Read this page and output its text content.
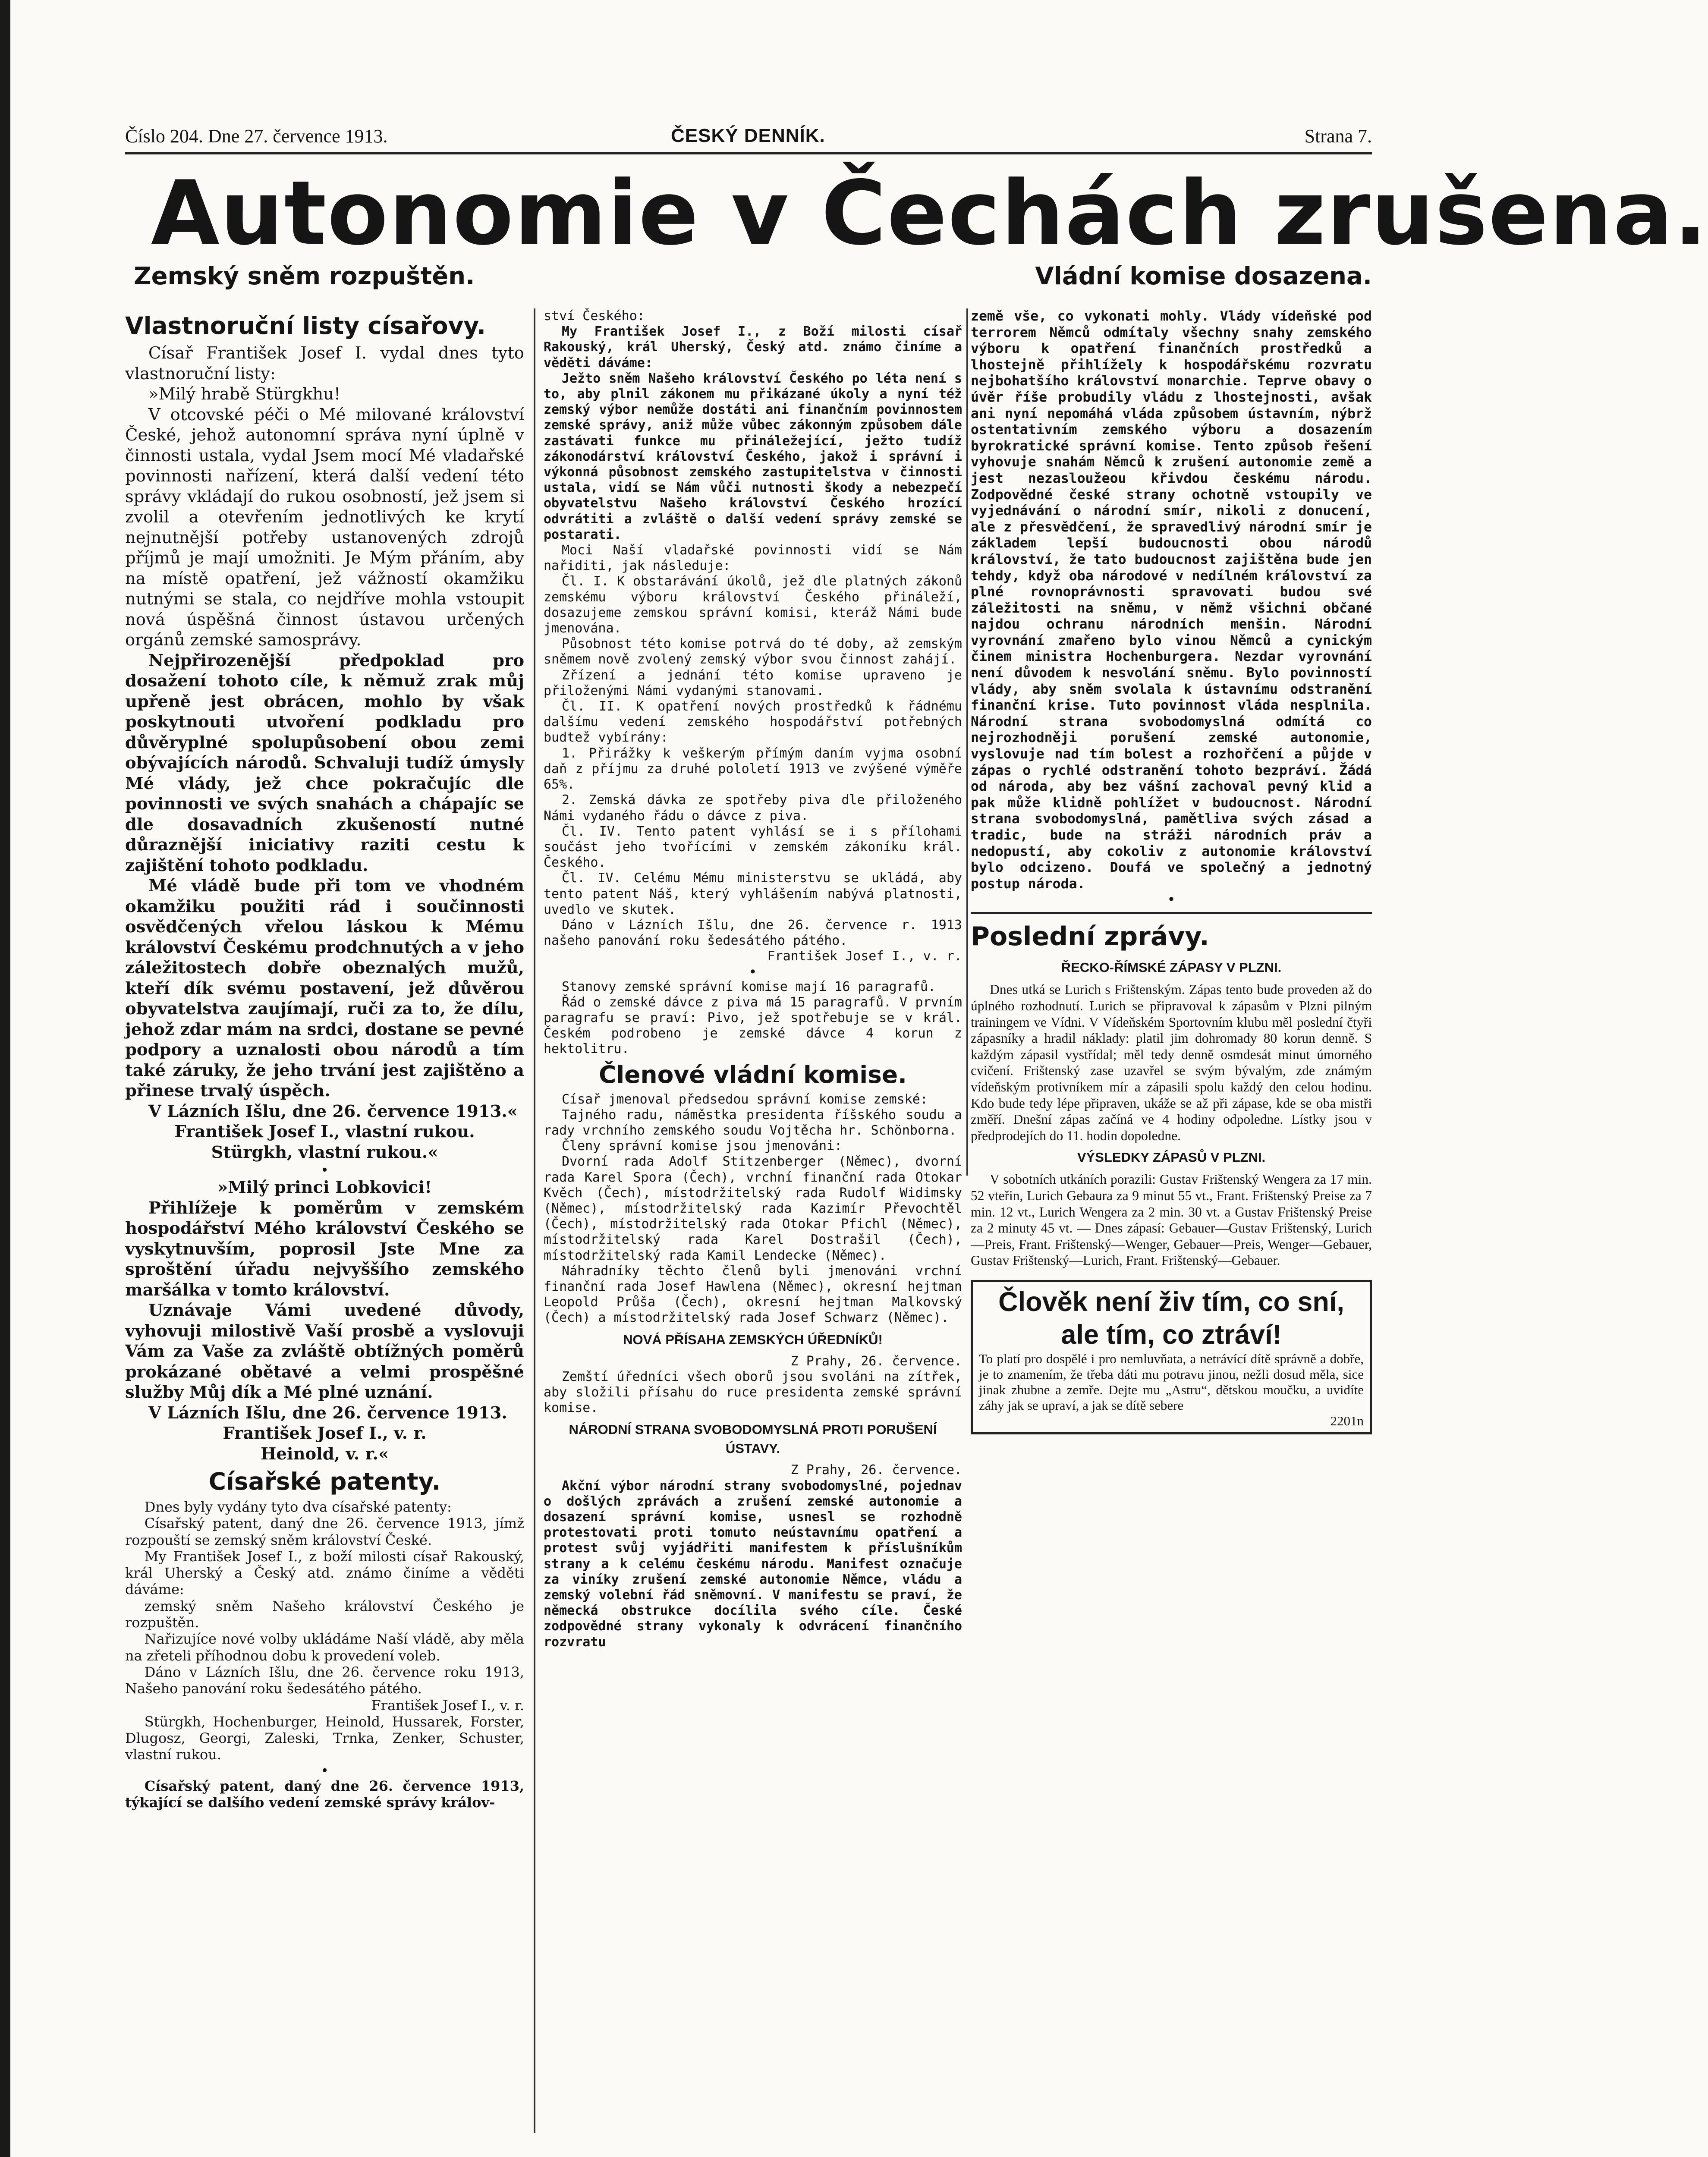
Číslo 204. Dne 27. července 1913.	ČESKÝ DENNÍK.	Strana 7.
Autonomie v Čechách zrušena.
Zemský sněm rozpuštěn.	Vládní komise dosazena.
Vlastnoruční listy císařovy.

Císař František Josef I. vydal dnes tyto vlastnoruční listy:

»Milý hrabě Stürgkhu!

V otcovské péči o Mé milované království České, jehož autonomní správa nyní úplně v činnosti ustala, vydal Jsem mocí Mé vladařské povinnosti nařízení, která další vedení této správy vkládají do rukou osobností, jež jsem si zvolil a otevřením jednotlivých ke krytí nejnutnější potřeby ustanovených zdrojů příjmů je mají umožniti. Je Mým přáním, aby na místě opatření, jež vážností okamžiku nutnými se stala, co nejdříve mohla vstoupit nová úspěšná činnost ústavou určených orgánů zemské samosprávy.

Nejpřirozenější předpoklad pro dosažení tohoto cíle, k němuž zrak můj upřeně jest obrácen, mohlo by však poskytnouti utvoření podkladu pro důvěryplné spolupůsobení obou zemi obývajících národů. Schvaluji tudíž úmysly Mé vlády, jež chce pokračujíc dle povinnosti ve svých snahách a chápajíc se dle dosavadních zkušeností nutné důraznější iniciativy raziti cestu k zajištění tohoto podkladu.

Mé vládě bude při tom ve vhodném okamžiku použiti rád i součinnosti osvědčených vřelou láskou k Mému království Českému prodchnutých a v jeho záležitostech dobře obeznalých mužů, kteří dík svému postavení, jež důvěrou obyvatelstva zaujímají, ruči za to, že dílu, jehož zdar mám na srdci, dostane se pevné podpory a uznalosti obou národů a tím také záruky, že jeho trvání jest zajištěno a přinese trvalý úspěch.

V Lázních Išlu, dne 26. července 1913.«

František Josef I., vlastní rukou.

Stürgkh, vlastní rukou.«

•

»Milý princi Lobkovici!

Přihlížeje k poměrům v zemském hospodářství Mého království Českého se vyskytnuvším, poprosil Jste Mne za sproštění úřadu nejvyššího zemského maršálka v tomto království.

Uznávaje Vámi uvedené důvody, vyhovuji milostivě Vaší prosbě a vyslovuji Vám za Vaše za zvláště obtížných poměrů prokázané obětavé a velmi prospěšné služby Můj dík a Mé plné uznání.

V Lázních Išlu, dne 26. července 1913.

František Josef I., v. r.

Heinold, v. r.«

Císařské patenty.

Dnes byly vydány tyto dva císařské patenty:

Císařský patent, daný dne 26. července 1913, jímž rozpouští se zemský sněm království České.

My František Josef I., z boží milosti císař Rakouský, král Uherský a Český atd. známo činíme a věděti dáváme:

zemský sněm Našeho království Českého je rozpuštěn.

Nařizujíce nové volby ukládáme Naší vládě, aby měla na zřeteli příhodnou dobu k provedení voleb.

Dáno v Lázních Išlu, dne 26. července roku 1913, Našeho panování roku šedesátého pátého.

František Josef I., v. r.

Stürgkh, Hochenburger, Heinold, Hussarek, Forster, Dlugosz, Georgi, Zaleski, Trnka, Zenker, Schuster, vlastní rukou.

•

Císařský patent, daný dne 26. července 1913, týkající se dalšího vedení zemské správy králov-

ství Českého:

My František Josef I., z Boží milosti císař Rakouský, král Uherský, Český atd. známo činíme a věděti dáváme:

Ježto sněm Našeho království Českého po léta není s to, aby plnil zákonem mu přikázané úkoly a nyní též zemský výbor nemůže dostáti ani finančním povinnostem zemské správy, aniž může vůbec zákonným způsobem dále zastávati funkce mu přináležející, ježto tudíž zákonodárství království Českého, jakož i správní i výkonná působnost zemského zastupitelstva v činnosti ustala, vidí se Nám vůči nutnosti škody a nebezpečí obyvatelstvu Našeho království Českého hrozící odvrátiti a zvláště o další vedení správy zemské se postarati.

Moci Naší vladařské povinnosti vidí se Nám nařiditi, jak následuje:

Čl. I. K obstarávání úkolů, jež dle platných zákonů zemskému výboru království Českého přináleží, dosazujeme zemskou správní komisi, kteráž Námi bude jmenována.

Působnost této komise potrvá do té doby, až zemským sněmem nově zvolený zemský výbor svou činnost zahájí.

Zřízení a jednání této komise upraveno je přiloženými Námi vydanými stanovami.

Čl. II. K opatření nových prostředků k řádnému dalšímu vedení zemského hospodářství potřebných budtež vybírány:

1. Přirážky k veškerým přímým daním vyjma osobní daň z příjmu za druhé pololetí 1913 ve zvýšené výměře 65%.

2. Zemská dávka ze spotřeby piva dle přiloženého Námi vydaného řádu o dávce z piva.

Čl. IV. Tento patent vyhlásí se i s přílohami součást jeho tvořícími v zemském zákoníku král. Českého.

Čl. IV. Celému Mému ministerstvu se ukládá, aby tento patent Náš, který vyhlášením nabývá platnosti, uvedlo ve skutek.

Dáno v Lázních Išlu, dne 26. července r. 1913 našeho panování roku šedesátého pátého.

František Josef I., v. r.

•

Stanovy zemské správní komise mají 16 paragrafů.

Řád o zemské dávce z piva má 15 paragrafů. V prvním paragrafu se praví: Pivo, jež spotřebuje se v král. Českém podrobeno je zemské dávce 4 korun z hektolitru.

Členové vládní komise.

Císař jmenoval předsedou správní komise zemské:

Tajného radu, náměstka presidenta říšského soudu a rady vrchního zemského soudu Vojtěcha hr. Schönborna.

Členy správní komise jsou jmenováni:

Dvorní rada Adolf Stitzenberger (Němec), dvorní rada Karel Spora (Čech), vrchní finanční rada Otokar Kvěch (Čech), místodržitelský rada Rudolf Widimsky (Němec), místodržitelský rada Kazimír Převochtěl (Čech), místodržitelský rada Otokar Pfichl (Němec), místodržitelský rada Karel Dostrašil (Čech), místodržitelský rada Kamil Lendecke (Němec).

Náhradníky těchto členů byli jmenováni vrchní finanční rada Josef Hawlena (Němec), okresní hejtman Leopold Průša (Čech), okresní hejtman Malkovský (Čech) a místodržitelský rada Josef Schwarz (Němec).

NOVÁ PŘÍSAHA ZEMSKÝCH ÚŘEDNÍKŮ!

Z Prahy, 26. července.

Zemští úředníci všech oborů jsou svoláni na zítřek, aby složili přísahu do ruce presidenta zemské správní komise.

NÁRODNÍ STRANA SVOBODOMYSLNÁ PROTI PORUŠENÍ ÚSTAVY.

Z Prahy, 26. července.

Akční výbor národní strany svobodomyslné, pojednav o došlých zprávách a zrušení zemské autonomie a dosazení správní komise, usnesl se rozhodně protestovati proti tomuto neústavnímu opatření a protest svůj vyjádřiti manifestem k příslušníkům strany a k celému českému národu. Manifest označuje za viníky zrušení zemské autonomie Němce, vládu a zemský volební řád sněmovní. V manifestu se praví, že německá obstrukce docílila svého cíle. České zodpovědné strany vykonaly k odvrácení finančního rozvratu

země vše, co vykonati mohly. Vlády vídeňské pod terrorem Němců odmítaly všechny snahy zemského výboru k opatření finančních prostředků a lhostejně přihlížely k hospodářskému rozvratu nejbohatšího království monarchie. Teprve obavy o úvěr říše probudily vládu z lhostejnosti, avšak ani nyní nepomáhá vláda způsobem ústavním, nýbrž ostentativním zemského výboru a dosazením byrokratické správní komise. Tento způsob řešení vyhovuje snahám Němců k zrušení autonomie země a jest nezasloužeou křivdou českému národu. Zodpovědné české strany ochotně vstoupily ve vyjednávání o národní smír, nikoli z donucení, ale z přesvědčení, že spravedlivý národní smír je základem lepší budoucnosti obou národů království, že tato budoucnost zajištěna bude jen tehdy, když oba národové v nedílném království za plné rovnoprávnosti spravovati budou své záležitosti na sněmu, v němž všichni občané najdou ochranu národních menšin. Národní vyrovnání zmařeno bylo vinou Němců a cynickým činem ministra Hochenburgera. Nezdar vyrovnání není důvodem k nesvolání sněmu. Bylo povinností vlády, aby sněm svolala k ústavnímu odstranění finanční krise. Tuto povinnost vláda nesplnila. Národní strana svobodomyslná odmítá co nejrozhodněji porušení zemské autonomie, vyslovuje nad tím bolest a rozhořčení a půjde v zápas o rychlé odstranění tohoto bezpráví. Žádá od národa, aby bez vášní zachoval pevný klid a pak může klidně pohlížet v budoucnost. Národní strana svobodomyslná, pamětliva svých zásad a tradic, bude na stráži národních práv a nedopustí, aby cokoliv z autonomie království bylo odcizeno. Doufá ve společný a jednotný postup národa.

•
Poslední zprávy.
ŘECKO-ŘÍMSKÉ ZÁPASY V PLZNI.

Dnes utká se Lurich s Frištenským. Zápas tento bude proveden až do úplného rozhodnutí. Lurich se připravoval k zápasům v Plzni pilným trainingem ve Vídni. V Vídeňském Sportovním klubu měl poslední čtyři zápasníky a hradil náklady: platil jim dohromady 80 korun denně. S každým zápasil vystřídal; měl tedy denně osmdesát minut úmorného cvičení. Frištenský zase uzavřel se svým bývalým, zde známým vídeňským protivníkem mír a zápasili spolu každý den celou hodinu. Kdo bude tedy lépe připraven, ukáže se až při zápase, kde se oba mistři změří. Dnešní zápas začíná ve 4 hodiny odpoledne. Lístky jsou v předprodejích do 11. hodin dopoledne.

VÝSLEDKY ZÁPASŮ V PLZNI.

V sobotních utkáních porazili: Gustav Frištenský Wengera za 17 min. 52 vteřin, Lurich Gebaura za 9 minut 55 vt., Frant. Frištenský Preise za 7 min. 12 vt., Lurich Wengera za 2 min. 30 vt. a Gustav Frištenský Preise za 2 minuty 45 vt. — Dnes zápasí: Gebauer—Gustav Frištenský, Lurich—Preis, Frant. Frištenský—Wenger, Gebauer—Preis, Wenger—Gebauer, Gustav Frištenský—Lurich, Frant. Frištenský—Gebauer.

Člověk není živ tím, co sní, ale tím, co ztráví!
To platí pro dospělé i pro nemluvňata, a netrávící dítě správně a dobře, je to znamením, že třeba dáti mu potravu jinou, nežli dosud měla, sice jinak zhubne a zemře. Dejte mu „Astru“, dětskou moučku, a uvidíte záhy jak se upraví, a jak se dítě sebere
2201n
